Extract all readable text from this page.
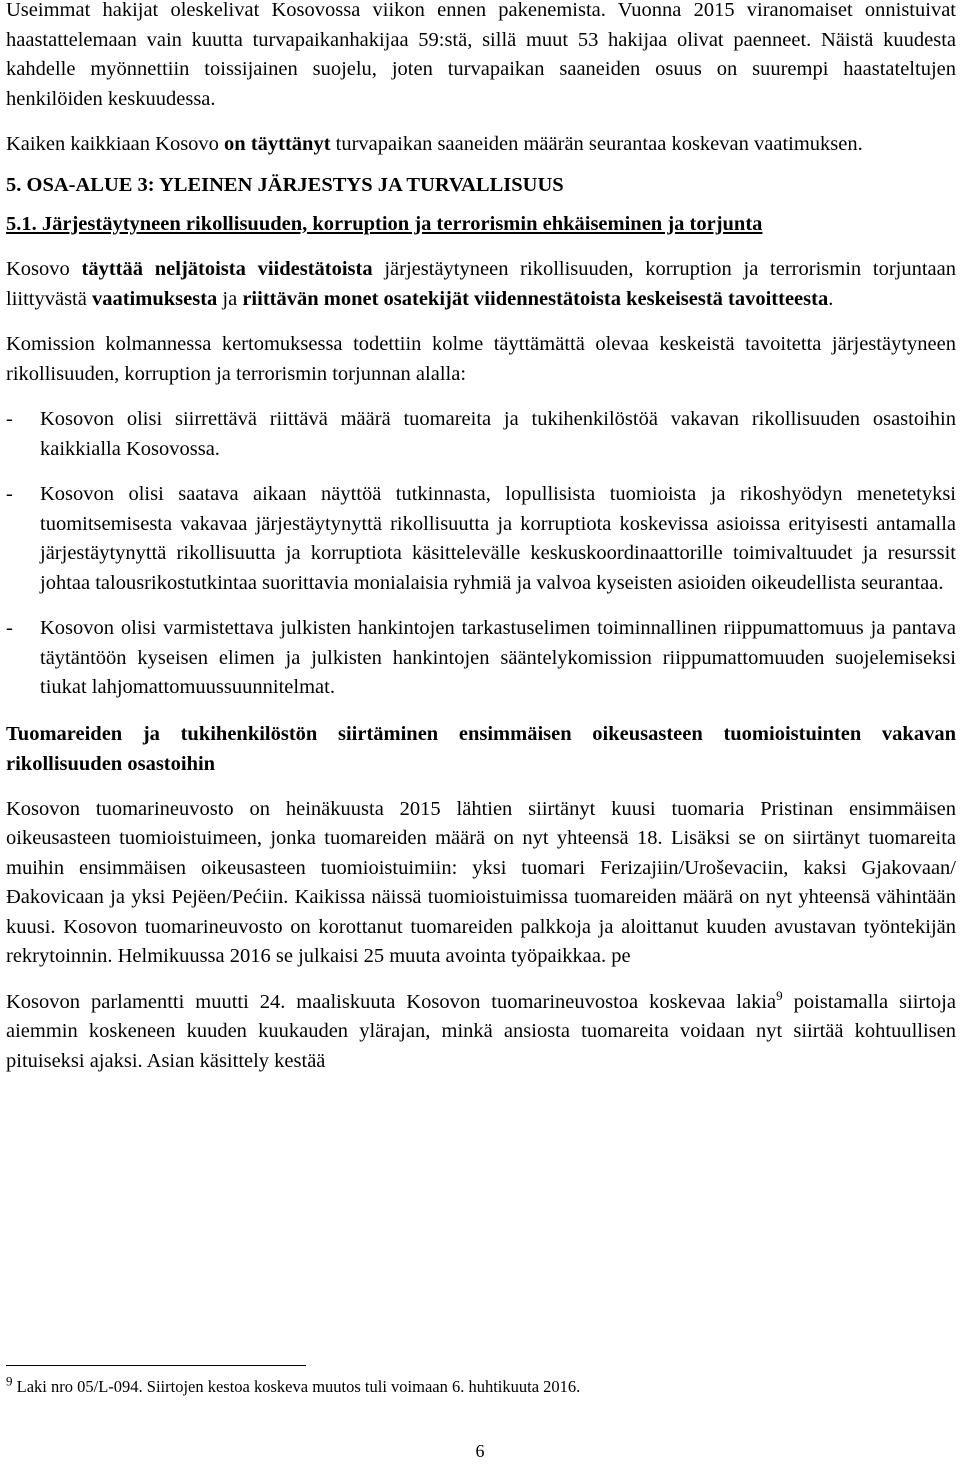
Useimmat hakijat oleskelivat Kosovossa viikon ennen pakenemista. Vuonna 2015 viranomaiset onnistuivat haastattelemaan vain kuutta turvapaikanhakijaa 59:stä, sillä muut 53 hakijaa olivat paenneet. Näistä kuudesta kahdelle myönnettiin toissijainen suojelu, joten turvapaikan saaneiden osuus on suurempi haastateltujen henkilöiden keskuudessa.

Kaiken kaikkiaan Kosovo on täyttänyt turvapaikan saaneiden määrän seurantaa koskevan vaatimuksen.

5. OSA-ALUE 3: YLEINEN JÄRJESTYS JA TURVALLISUUS

5.1. Järjestäytyneen rikollisuuden, korruption ja terrorismin ehkäiseminen ja torjunta

Kosovo täyttää neljätoista viidestätoista järjestäytyneen rikollisuuden, korruption ja terrorismin torjuntaan liittyvästä vaatimuksesta ja riittävän monet osatekijät viidennestätoista keskeisestä tavoitteesta.

Komission kolmannessa kertomuksessa todettiin kolme täyttämättä olevaa keskeistä tavoitetta järjestäytyneen rikollisuuden, korruption ja terrorismin torjunnan alalla:

-	Kosovon olisi siirrettävä riittävä määrä tuomareita ja tukihenkilöstöä vakavan rikollisuuden osastoihin kaikkialla Kosovossa.
-	Kosovon olisi saatava aikaan näyttöä tutkinnasta, lopullisista tuomioista ja rikoshyödyn menetetyksi tuomitsemisesta vakavaa järjestäytynyttä rikollisuutta ja korruptiota koskevissa asioissa erityisesti antamalla järjestäytynyttä rikollisuutta ja korruptiota käsittelevälle keskuskoordinaattorille toimivaltuudet ja resurssit johtaa talousrikostutkintaa suorittavia monialaisia ryhmiä ja valvoa kyseisten asioiden oikeudellista seurantaa.
-	Kosovon olisi varmistettava julkisten hankintojen tarkastuselimen toiminnallinen riippumattomuus ja pantava täytäntöön kyseisen elimen ja julkisten hankintojen sääntelykomission riippumattomuuden suojelemiseksi tiukat lahjomattomuussuunnitelmat.

Tuomareiden ja tukihenkilöstön siirtäminen ensimmäisen oikeusasteen tuomioistuinten vakavan rikollisuuden osastoihin

Kosovon tuomarineuvosto on heinäkuusta 2015 lähtien siirtänyt kuusi tuomaria Pristinan ensimmäisen oikeusasteen tuomioistuimeen, jonka tuomareiden määrä on nyt yhteensä 18. Lisäksi se on siirtänyt tuomareita muihin ensimmäisen oikeusasteen tuomioistuimiin: yksi tuomari Ferizajiin/Uroševaciin, kaksi Gjakovaan/Đakovicaan ja yksi Pejëen/Pećiin. Kaikissa näissä tuomioistuimissa tuomareiden määrä on nyt yhteensä vähintään kuusi. Kosovon tuomarineuvosto on korottanut tuomareiden palkkoja ja aloittanut kuuden avustavan työntekijän rekrytoinnin. Helmikuussa 2016 se julkaisi 25 muuta avointa työpaikkaa. pe

Kosovon parlamentti muutti 24. maaliskuuta Kosovon tuomarineuvostoa koskevaa lakia$^9$ poistamalla siirtoja aiemmin koskeneen kuuden kuukauden ylärajan, minkä ansiosta tuomareita voidaan nyt siirtää kohtuullisen pituiseksi ajaksi. Asian käsittely kestää

$^9$ Laki nro 05/L-094. Siirtojen kestoa koskeva muutos tuli voimaan 6. huhtikuuta 2016.
6
